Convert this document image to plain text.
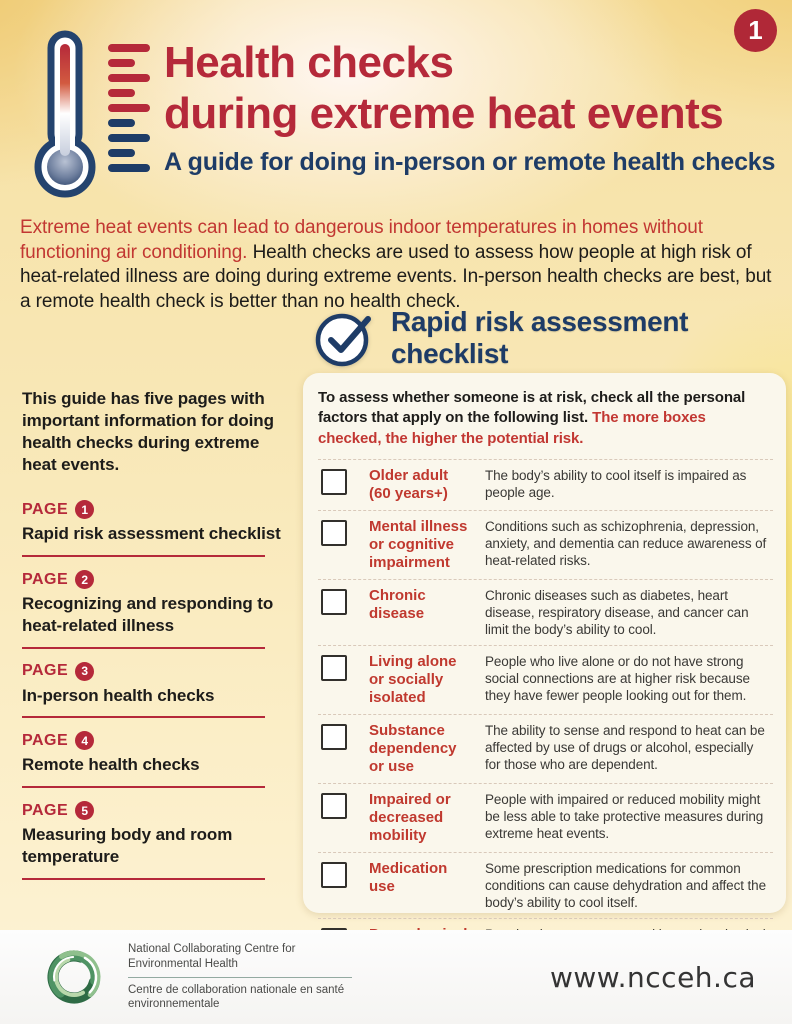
1
Health checks
during extreme heat events
A guide for doing in-person or remote health checks

Extreme heat events can lead to dangerous indoor temperatures in homes without functioning air conditioning. Health checks are used to assess how people at high risk of heat-related illness are doing during extreme events. In-person health checks are best, but a remote health check is better than no health check.

Rapid risk assessment checklist

This guide has five pages with important information for doing health checks during extreme heat events.

PAGE	1
Rapid risk assessment checklist
PAGE	2
Recognizing and responding to heat-related illness
PAGE	3
In-person health checks
PAGE	4
Remote health checks
PAGE	5
Measuring body and room temperature

To assess whether someone is at risk, check all the personal factors that apply on the following list. The more boxes checked, the higher the potential risk.

Older adult (60 years+)
The body’s ability to cool itself is impaired as people age.
Mental illness or cognitive impairment
Conditions such as schizophrenia, depression, anxiety, and dementia can reduce awareness of heat-related risks.
Chronic disease
Chronic diseases such as diabetes, heart disease, respiratory disease, and cancer can limit the body’s ability to cool.
Living alone or socially isolated
People who live alone or do not have strong social connections are at higher risk because they have fewer people looking out for them.
Substance dependency or use
The ability to sense and respond to heat can be affected by use of drugs or alcohol, especially for those who are dependent.
Impaired or decreased mobility
People with impaired or reduced mobility might be less able to take protective measures during extreme heat events.
Medication use
Some prescription medications for common conditions can cause dehydration and affect the body’s ability to cool itself.
National Collaborating Centre for Environmental Health
Centre de collaboration nationale en santé environnementale
www.ncceh.ca
